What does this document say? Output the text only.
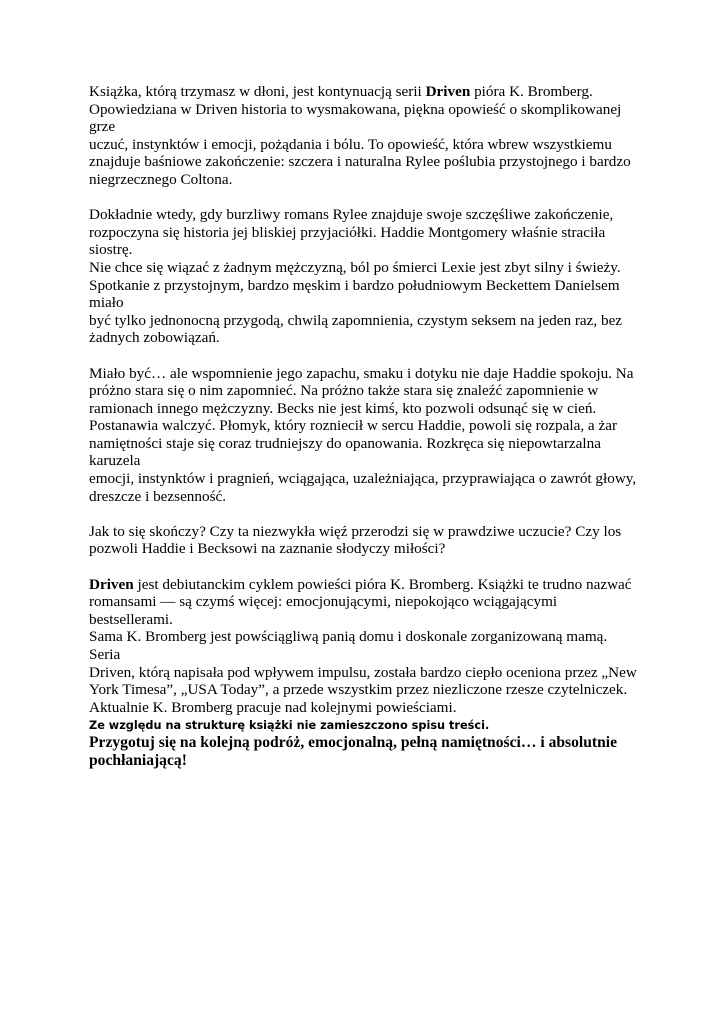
Książka, którą trzymasz w dłoni, jest kontynuacją serii Driven pióra K. Bromberg.
Opowiedziana w Driven historia to wysmakowana, piękna opowieść o skomplikowanej grze
uczuć, instynktów i emocji, pożądania i bólu. To opowieść, która wbrew wszystkiemu
znajduje baśniowe zakończenie: szczera i naturalna Rylee poślubia przystojnego i bardzo
niegrzecznego Coltona.

Dokładnie wtedy, gdy burzliwy romans Rylee znajduje swoje szczęśliwe zakończenie,
rozpoczyna się historia jej bliskiej przyjaciółki. Haddie Montgomery właśnie straciła siostrę.
Nie chce się wiązać z żadnym mężczyzną, ból po śmierci Lexie jest zbyt silny i świeży.
Spotkanie z przystojnym, bardzo męskim i bardzo południowym Beckettem Danielsem miało
być tylko jednonocną przygodą, chwilą zapomnienia, czystym seksem na jeden raz, bez
żadnych zobowiązań.

Miało być… ale wspomnienie jego zapachu, smaku i dotyku nie daje Haddie spokoju. Na
próżno stara się o nim zapomnieć. Na próżno także stara się znaleźć zapomnienie w
ramionach innego mężczyzny. Becks nie jest kimś, kto pozwoli odsunąć się w cień.
Postanawia walczyć. Płomyk, który rozniecił w sercu Haddie, powoli się rozpala, a żar
namiętności staje się coraz trudniejszy do opanowania. Rozkręca się niepowtarzalna karuzela
emocji, instynktów i pragnień, wciągająca, uzależniająca, przyprawiająca o zawrót głowy,
dreszcze i bezsenność.

Jak to się skończy? Czy ta niezwykła więź przerodzi się w prawdziwe uczucie? Czy los
pozwoli Haddie i Becksowi na zaznanie słodyczy miłości?

Driven jest debiutanckim cyklem powieści pióra K. Bromberg. Książki te trudno nazwać
romansami — są czymś więcej: emocjonującymi, niepokojąco wciągającymi bestsellerami.
Sama K. Bromberg jest powściągliwą panią domu i doskonale zorganizowaną mamą. Seria
Driven, którą napisała pod wpływem impulsu, została bardzo ciepło oceniona przez „New
York Timesa”, „USA Today”, a przede wszystkim przez niezliczone rzesze czytelniczek.
Aktualnie K. Bromberg pracuje nad kolejnymi powieściami.

Przygotuj się na kolejną podróż, emocjonalną, pełną namiętności… i absolutnie
pochłaniającą!

Ze względu na strukturę książki nie zamieszczono spisu treści.
